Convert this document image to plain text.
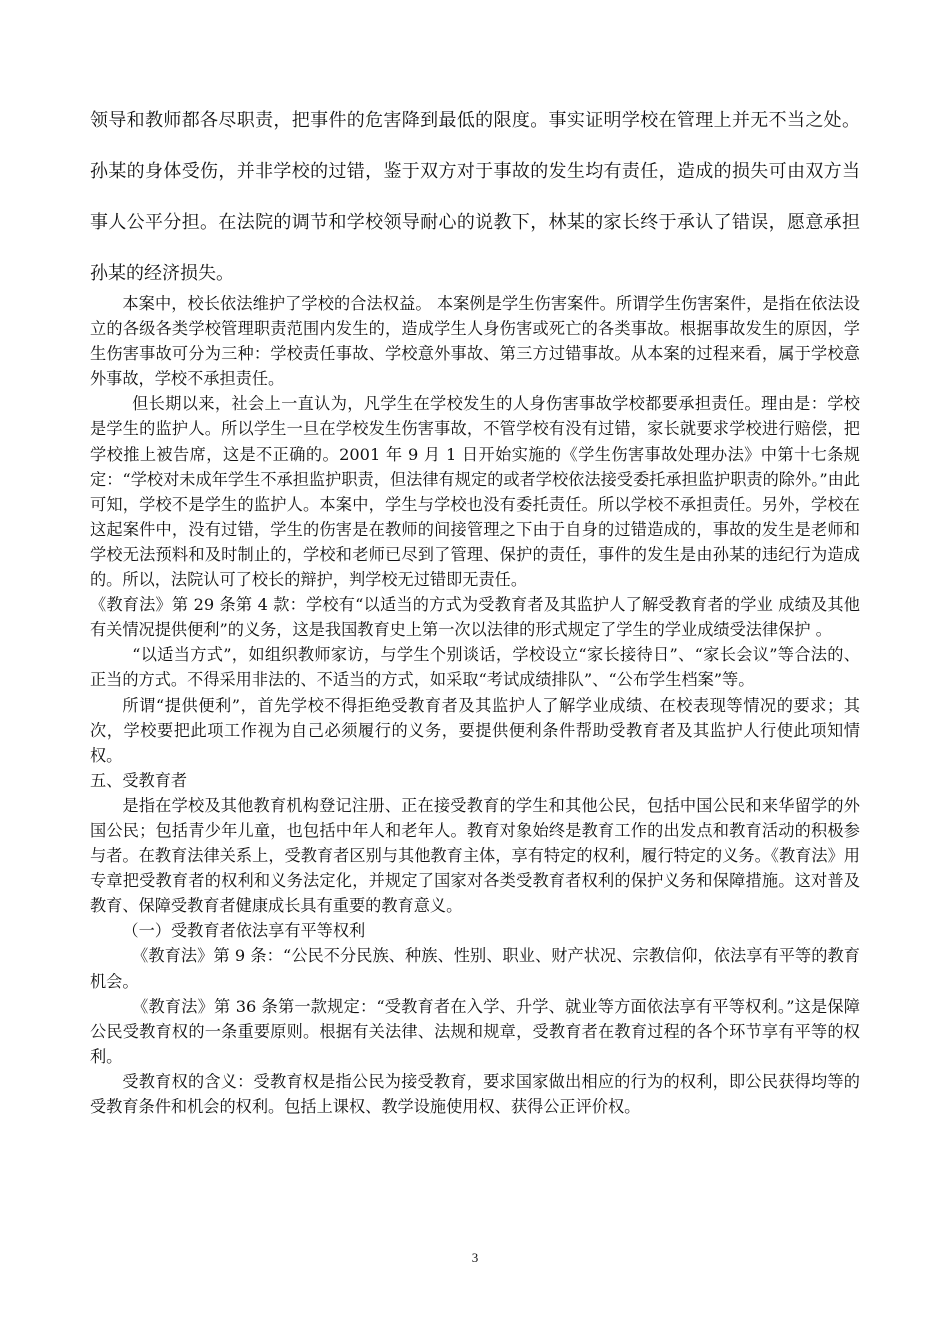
领导和教师都各尽职责，把事件的危害降到最低的限度。事实证明学校在管理上并无不当之处。孙某的身体受伤，并非学校的过错，鉴于双方对于事故的发生均有责任，造成的损失可由双方当事人公平分担。在法院的调节和学校领导耐心的说教下，林某的家长终于承认了错误，愿意承担孙某的经济损失。

本案中，校长依法维护了学校的合法权益。 本案例是学生伤害案件。所谓学生伤害案件，是指在依法设立的各级各类学校管理职责范围内发生的，造成学生人身伤害或死亡的各类事故。根据事故发生的原因，学生伤害事故可分为三种：学校责任事故、学校意外事故、第三方过错事故。从本案的过程来看，属于学校意外事故，学校不承担责任。

但长期以来，社会上一直认为，凡学生在学校发生的人身伤害事故学校都要承担责任。理由是：学校是学生的监护人。所以学生一旦在学校发生伤害事故，不管学校有没有过错，家长就要求学校进行赔偿，把学校推上被告席，这是不正确的。2001 年 9 月 1 日开始实施的《学生伤害事故处理办法》中第十七条规定：“学校对未成年学生不承担监护职责，但法律有规定的或者学校依法接受委托承担监护职责的除外。”由此可知，学校不是学生的监护人。本案中，学生与学校也没有委托责任。所以学校不承担责任。另外，学校在这起案件中，没有过错，学生的伤害是在教师的间接管理之下由于自身的过错造成的，事故的发生是老师和学校无法预料和及时制止的，学校和老师已尽到了管理、保护的责任，事件的发生是由孙某的违纪行为造成的。所以，法院认可了校长的辩护，判学校无过错即无责任。

《教育法》第 29 条第 4 款：学校有“以适当的方式为受教育者及其监护人了解受教育者的学业 成绩及其他有关情况提供便利”的义务，这是我国教育史上第一次以法律的形式规定了学生的学业成绩受法律保护 。

“以适当方式”，如组织教师家访，与学生个别谈话，学校设立“家长接待日”、“家长会议”等合法的、正当的方式。不得采用非法的、不适当的方式，如采取“考试成绩排队”、“公布学生档案”等。

所谓“提供便利”，首先学校不得拒绝受教育者及其监护人了解学业成绩、在校表现等情况的要求；其次，学校要把此项工作视为自己必须履行的义务，要提供便利条件帮助受教育者及其监护人行使此项知情权。

五、受教育者

是指在学校及其他教育机构登记注册、正在接受教育的学生和其他公民，包括中国公民和来华留学的外国公民；包括青少年儿童，也包括中年人和老年人。教育对象始终是教育工作的出发点和教育活动的积极参与者。在教育法律关系上，受教育者区别与其他教育主体，享有特定的权利，履行特定的义务。《教育法》用专章把受教育者的权利和义务法定化，并规定了国家对各类受教育者权利的保护义务和保障措施。这对普及教育、保障受教育者健康成长具有重要的教育意义。

（一）受教育者依法享有平等权利

《教育法》第 9 条：“公民不分民族、种族、性别、职业、财产状况、宗教信仰，依法享有平等的教育机会。

《教育法》第 36 条第一款规定：“受教育者在入学、升学、就业等方面依法享有平等权利。”这是保障公民受教育权的一条重要原则。根据有关法律、法规和规章，受教育者在教育过程的各个环节享有平等的权利。

受教育权的含义：受教育权是指公民为接受教育，要求国家做出相应的行为的权利，即公民获得均等的受教育条件和机会的权利。包括上课权、教学设施使用权、获得公正评价权。

3
